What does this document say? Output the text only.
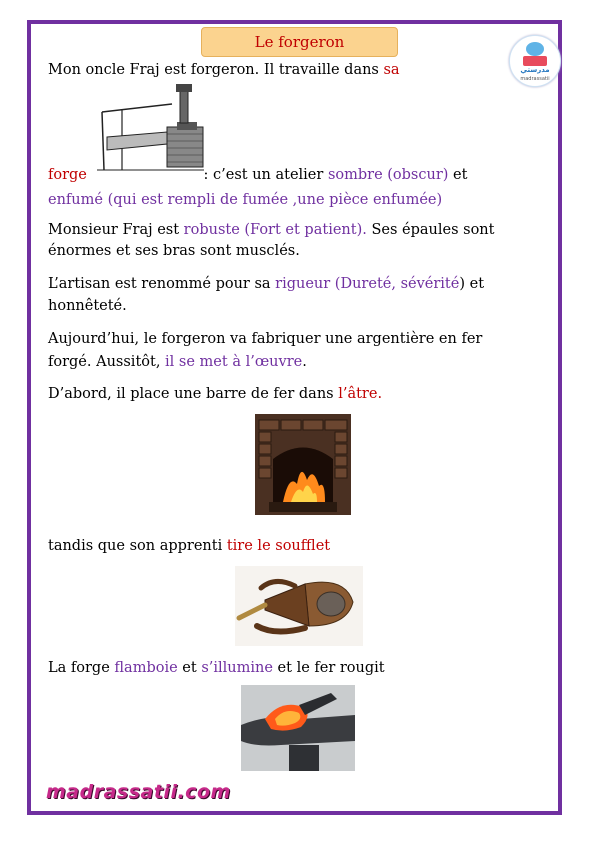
Le forgeron
مدرستي
madrassatii
Mon oncle Fraj est forgeron. Il travaille dans sa
forge	: c’est un atelier sombre (obscur) et
enfumé (qui est rempli de fumée ,une pièce enfumée)
Monsieur Fraj est robuste (Fort et patient). Ses épaules sont
énormes et ses bras sont musclés.
L’artisan est renommé pour sa rigueur (Dureté, sévérité) et
honnêteté.
Aujourd’hui, le forgeron va fabriquer une argentière en fer
forgé. Aussitôt, il se met à l’œuvre.
D’abord, il place une barre de fer dans l’âtre.
tandis que son apprenti tire le soufflet
La forge flamboie et s’illumine et le fer rougit
madrassatii.com
